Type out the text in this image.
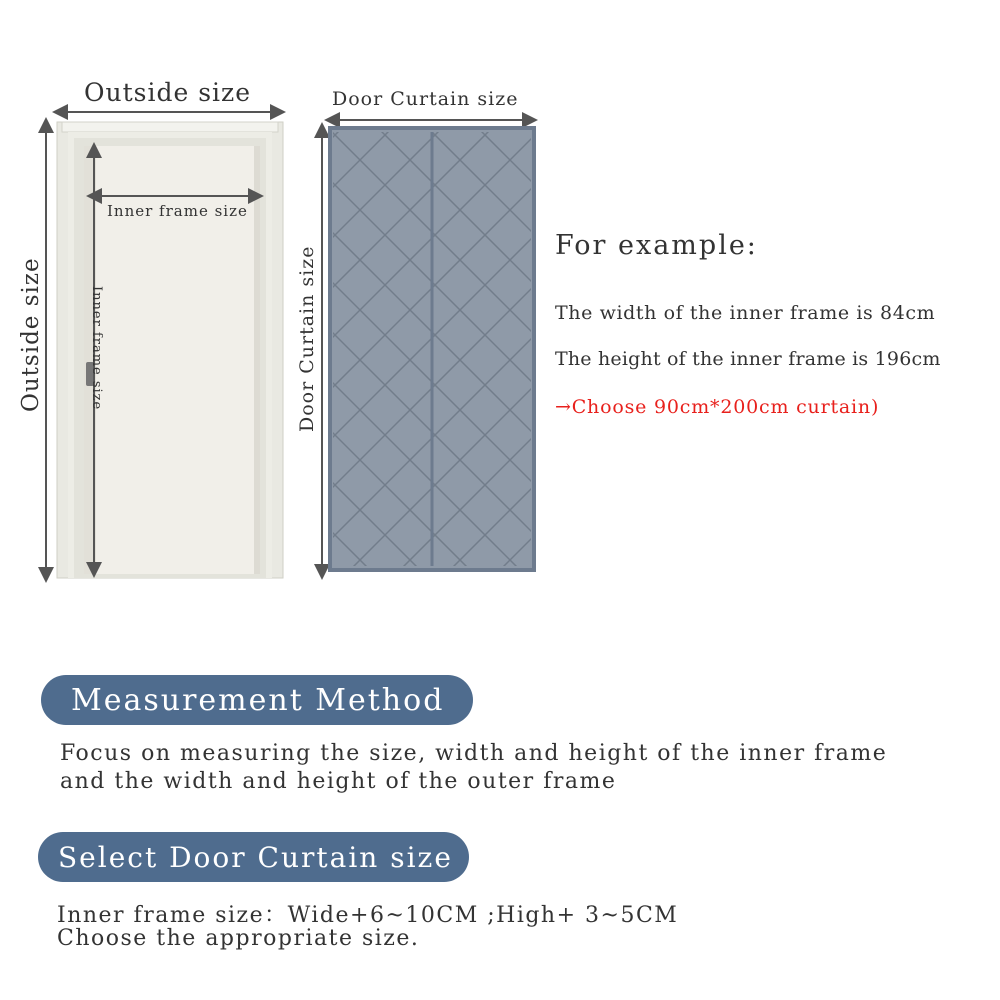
Outside size
Inner frame size
Inner frame size
Outside size
Door Curtain size
Door Curtain size	For example:
The width of the inner frame is 84cm
The height of the inner frame is 196cm
→Choose 90cm*200cm curtain)
Measurement Method
Focus on measuring the size, width and height of the inner frame
and the width and height of the outer frame
Select Door Curtain size
Inner frame size：Wide+6~10CM ;High+ 3~5CM
Choose the appropriate size.
